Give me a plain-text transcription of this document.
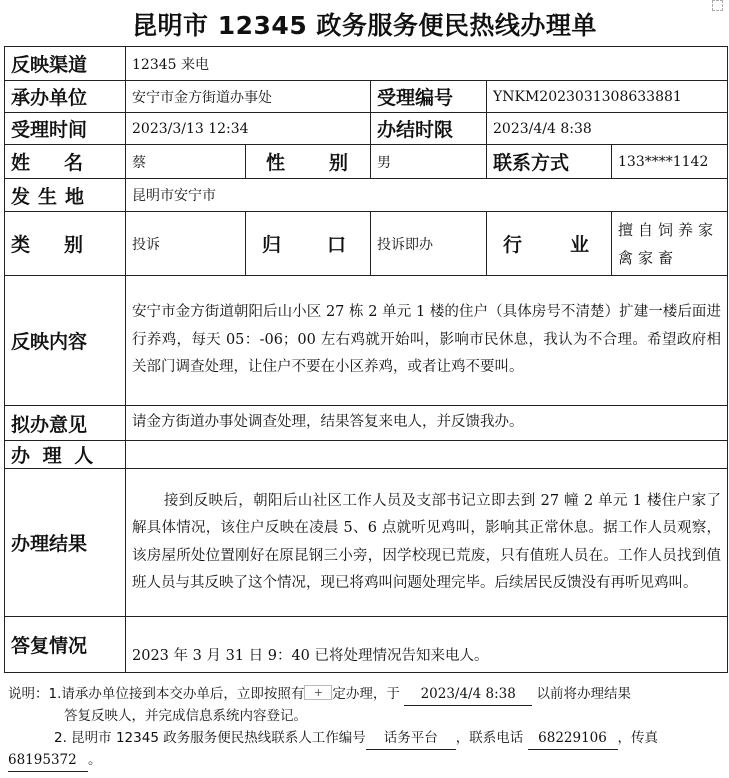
昆明市 12345 政务服务便民热线办理单
反映渠道	12345 来电				
承办单位	安宁市金方街道办事处		受理编号	YNKM2023031308633881	
受理时间	2023/3/13 12:34		办结时限	2023/4/4 8:38	

姓 名	蔡	性 别	男	联系方式	133****1142
发生地	昆明市安宁市				

类 别	投诉	归 口	投诉即办	行 业	擅自饲养家禽家畜
反映内容	安宁市金方街道朝阳后山小区 27 栋 2 单元 1 楼的住户（具体房号不清楚）扩建一楼后面进行养鸡，每天 05：-06；00 左右鸡就开始叫，影响市民休息，我认为不合理。希望政府相关部门调查处理，让住户不要在小区养鸡，或者让鸡不要叫。				
拟办意见	请金方街道办事处调查处理，结果答复来电人，并反馈我办。				
办 理 人					
办理结果	接到反映后，朝阳后山社区工作人员及支部书记立即去到 27 幢 2 单元 1 楼住户家了解具体情况，该住户反映在凌晨 5、6 点就听见鸡叫，影响其正常休息。据工作人员观察，该房屋所处位置刚好在原昆钢三小旁，因学校现已荒废，只有值班人员在。工作人员找到值班人员与其反映了这个情况，现已将鸡叫问题处理完毕。后续居民反馈没有再听见鸡叫。				
答复情况	2023 年 3 月 31 日 9：40 已将处理情况告知来电人。				
说明：1.请承办单位接到本交办单后，立即按照有 + 定办理，于 2023/4/4 8:38 以前将办理结果
答复反映人，并完成信息系统内容登记。
2. 昆明市 12345 政务服务便民热线联系人工作编号 话务平台 ，联系电话 68229106 ，传真
68195372 。
